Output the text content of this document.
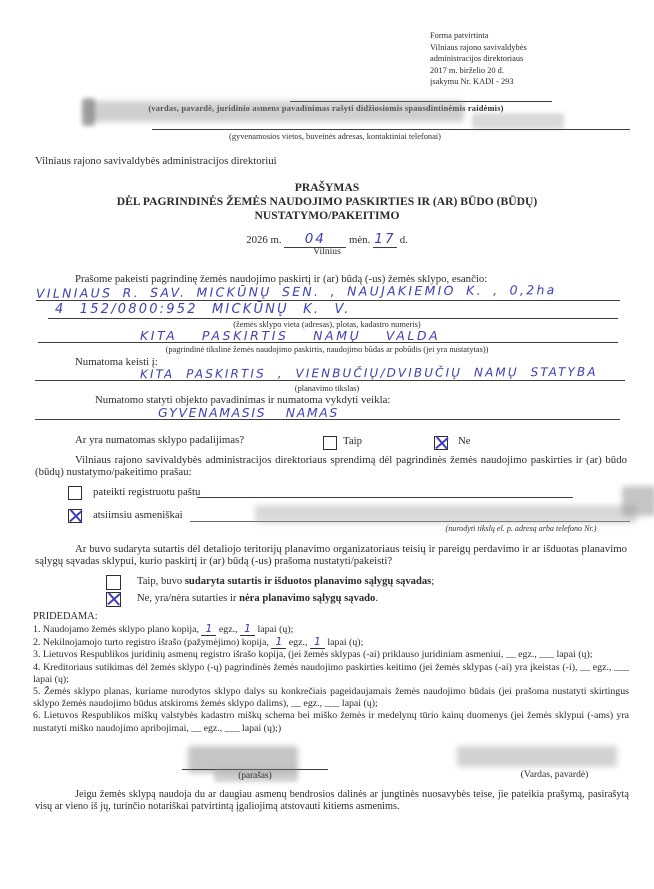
Forma patvirtinta
Vilniaus rajono savivaldybės
administracijos direktoriaus
2017 m. birželio 20 d.
įsakymu Nr. KADI - 293
(vardas, pavardė, juridinio asmens pavadinimas rašyti didžiosiomis spausdintinėmis raidėmis)
(gyvenamosios vietos, buveinės adresas, kontaktiniai telefonai)
Vilniaus rajono savivaldybės administracijos direktoriui
PRAŠYMAS
DĖL PAGRINDINĖS ŽEMĖS NAUDOJIMO PASKIRTIES IR (AR) BŪDO (BŪDŲ)
NUSTATYMO/PAKEITIMO
2026 m. 04 mėn. 17 d.
Vilnius
Prašome pakeisti pagrindinę žemės naudojimo paskirtį ir (ar) būdą (-us) žemės sklypo, esančio:
VILNIAUS R. SAV. MICKŪNŲ SEN. , NAUJAKIEMIO K. , 0,2ha
4 152/0800:952 MICKŪNŲ K. V.
(žemės sklypo vieta (adresas), plotas, kadastro numeris)
KITA PASKIRTIS NAMŲ VALDA
(pagrindinė tikslinė žemės naudojimo paskirtis, naudojimo būdas ar pobūdis (jei yra nustatytas))
Numatoma keisti į:
KITA PASKIRTIS , VIENBUČIŲ/DVIBUČIŲ NAMŲ STATYBA
(planavimo tikslas)
Numatomo statyti objekto pavadinimas ir numatoma vykdyti veikla:
GYVENAMASIS NAMAS
Ar yra numatomas sklypo padalijimas?	Taip	Ne
Vilniaus rajono savivaldybės administracijos direktoriaus sprendimą dėl pagrindinės žemės naudojimo paskirties ir (ar) būdo (būdų) nustatymo/pakeitimo prašau:
pateikti registruotu paštu
atsiimsiu asmeniškai
(nurodyti tikslų el. p. adresą arba telefono Nr.)
Ar buvo sudaryta sutartis dėl detaliojo teritorijų planavimo organizatoriaus teisių ir pareigų perdavimo ir ar išduotas planavimo sąlygų sąvadas sklypui, kurio paskirtį ir (ar) būdą (-us) prašoma nustatyti/pakeisti?
Taip, buvo sudaryta sutartis ir išduotos planavimo sąlygų sąvadas;
Ne, yra/nėra sutarties ir nėra planavimo sąlygų sąvado.
PRIDEDAMA:

1. Naudojamo žemės sklypo plano kopija, 1 egz., 1 lapai (ų);

2. Nekilnojamojo turto registro išrašo (pažymėjimo) kopija, 1 egz., 1 lapai (ų);

3. Lietuvos Respublikos juridinių asmenų registro išrašo kopija, (jei žemės sklypas (-ai) priklauso juridiniam asmeniui, __ egz., ___ lapai (ų);

4. Kreditoriaus sutikimas dėl žemės sklypo (-ų) pagrindinės žemės naudojimo paskirties keitimo (jei žemės sklypas (-ai) yra įkeistas (-i), __ egz., ___ lapai (ų);

5. Žemės sklypo planas, kuriame nurodytos sklypo dalys su konkrečiais pageidaujamais žemės naudojimo būdais (jei prašoma nustatyti skirtingus sklypo žemės naudojimo būdus atskiroms žemės sklypo dalims), __ egz., ___ lapai (ų);

6. Lietuvos Respublikos miškų valstybės kadastro miškų schema bei miško žemės ir medelynų tūrio kainų duomenys (jei žemės sklypui (-ams) yra nustatyti miško naudojimo apribojimai, __ egz., ___ lapai (ų);)

(parašas)	(Vardas, pavardė)
Jeigu žemės sklypą naudoja du ar daugiau asmenų bendrosios dalinės ar jungtinės nuosavybės teise, jie pateikia prašymą, pasirašytą visų ar vieno iš jų, turinčio notariškai patvirtintą įgaliojimą atstovauti kitiems asmenims.
